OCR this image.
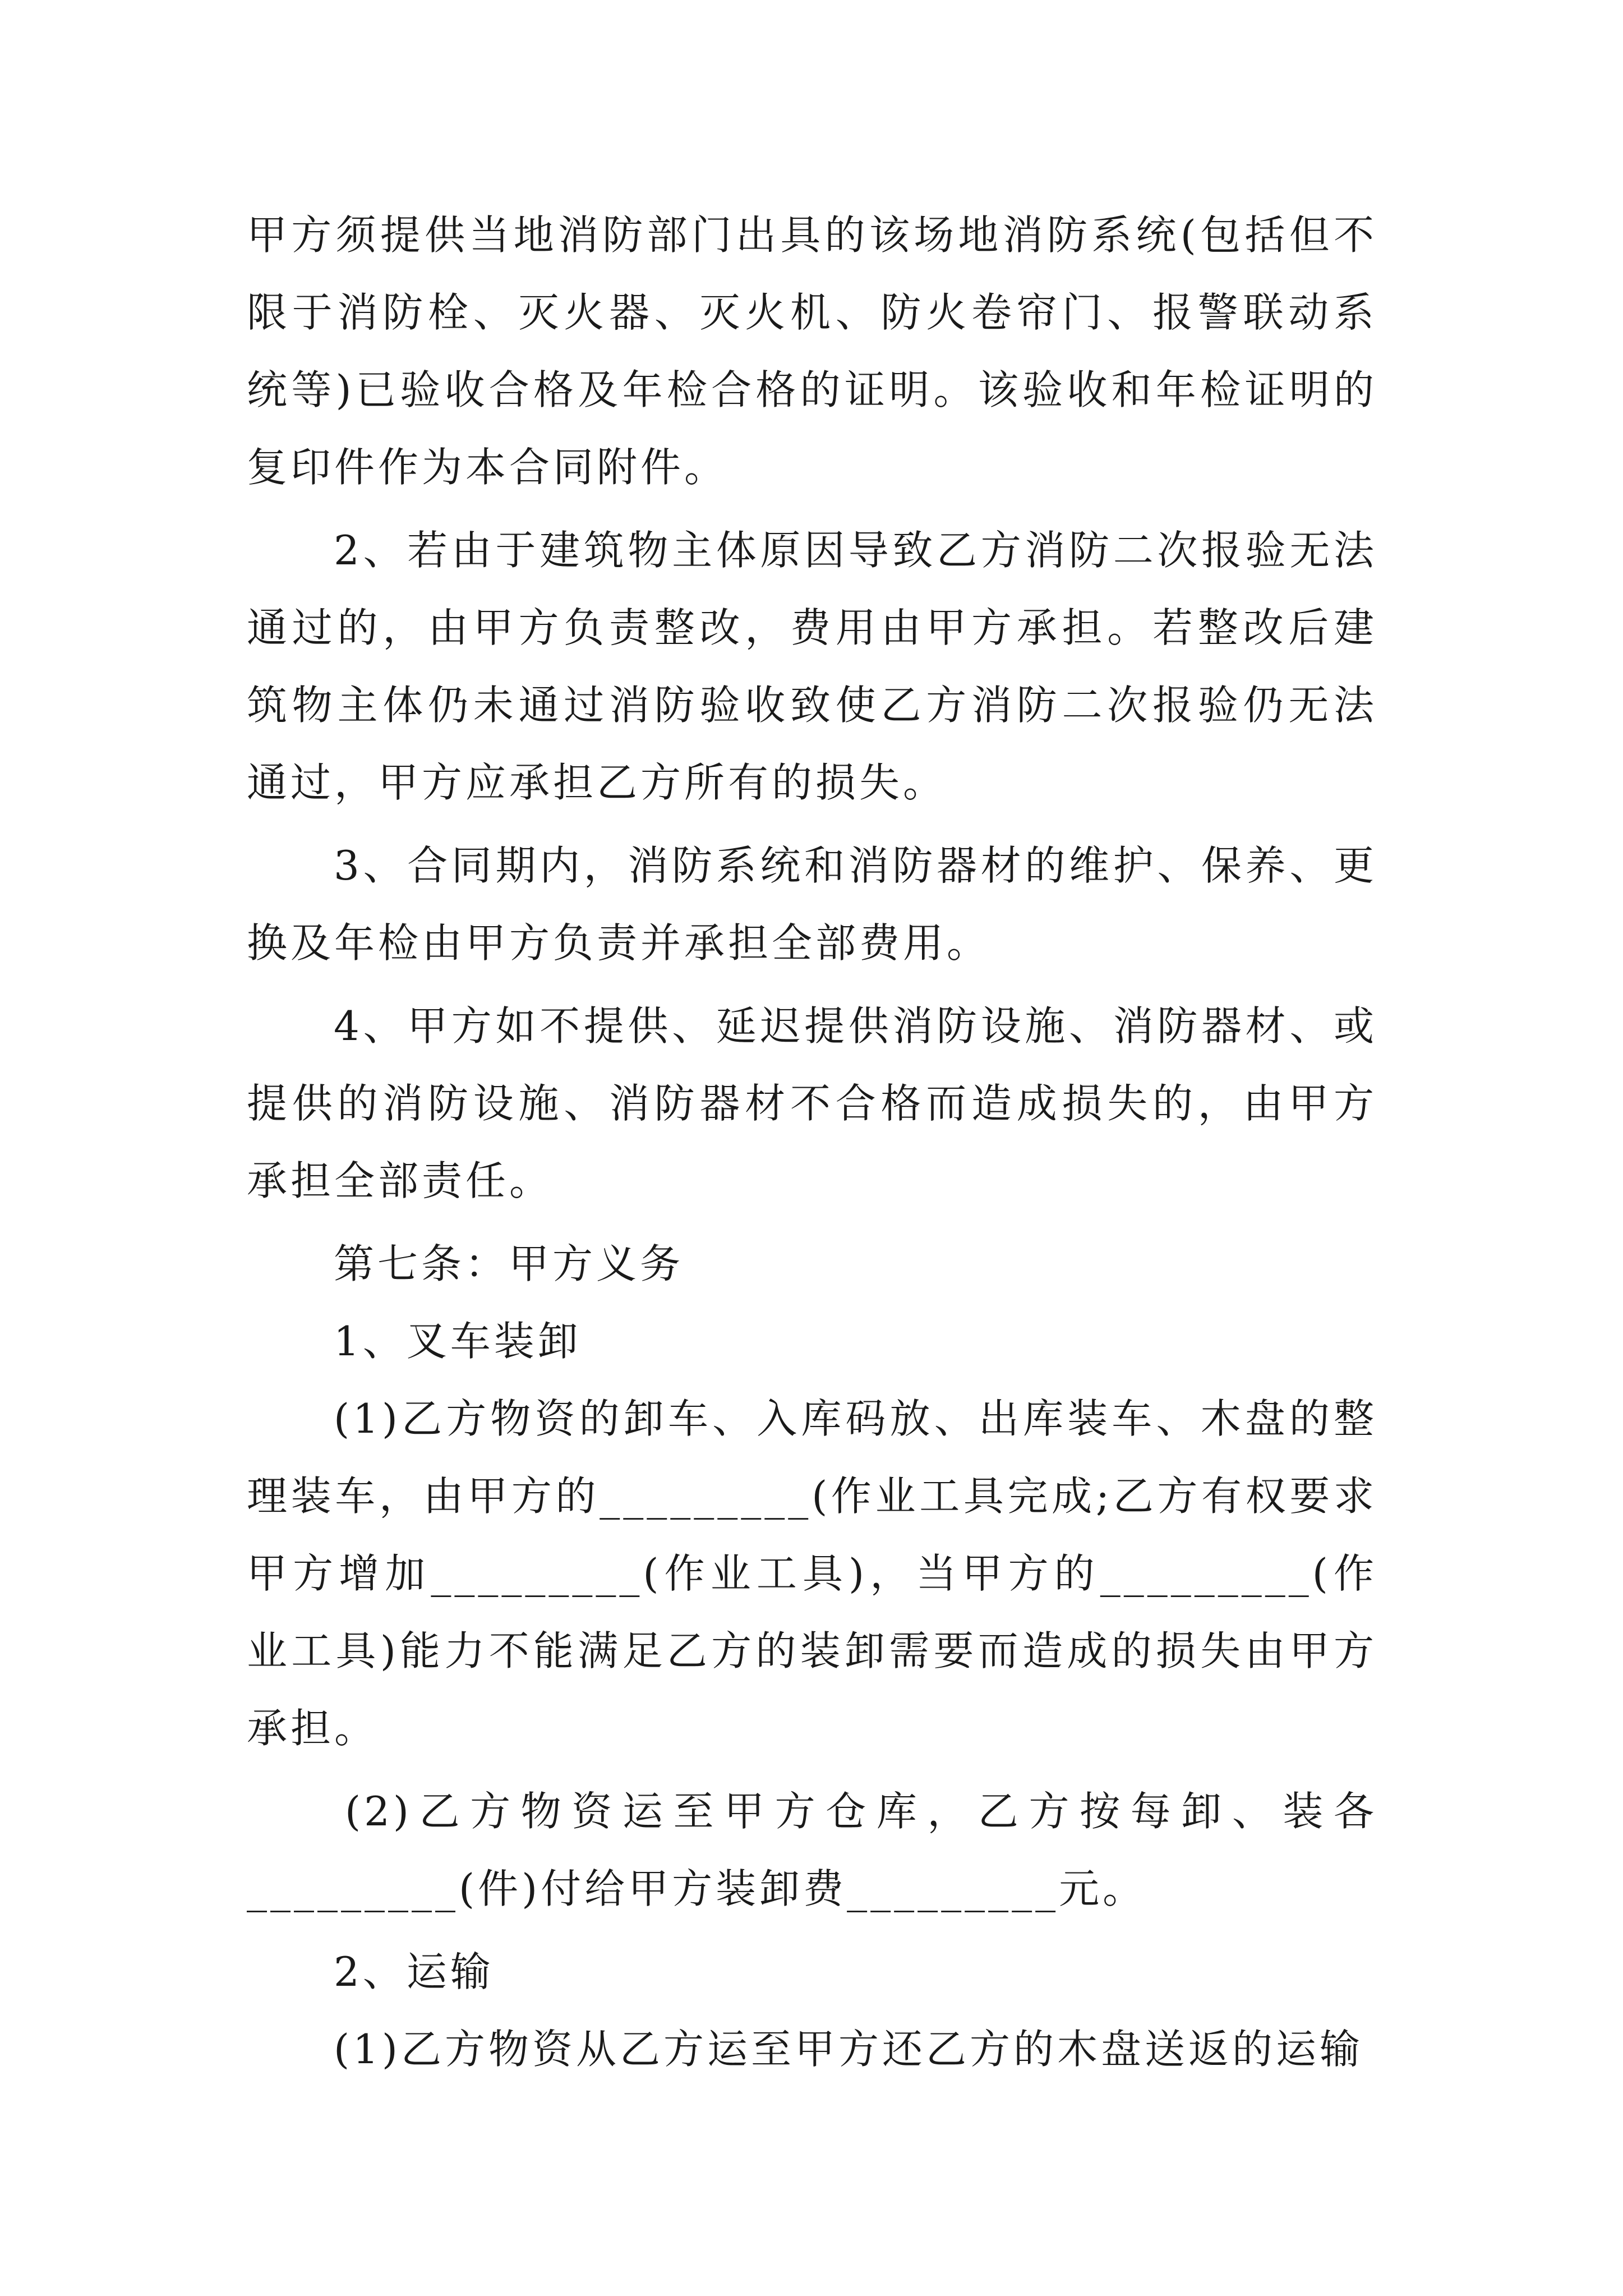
甲方须提供当地消防部门出具的该场地消防系统(包括但不限于消防栓、灭火器、灭火机、防火卷帘门、报警联动系统等)已验收合格及年检合格的证明。该验收和年检证明的复印件作为本合同附件。

2、若由于建筑物主体原因导致乙方消防二次报验无法通过的，由甲方负责整改，费用由甲方承担。若整改后建筑物主体仍未通过消防验收致使乙方消防二次报验仍无法通过，甲方应承担乙方所有的损失。

3、合同期内，消防系统和消防器材的维护、保养、更换及年检由甲方负责并承担全部费用。

4、甲方如不提供、延迟提供消防设施、消防器材、或提供的消防设施、消防器材不合格而造成损失的，由甲方承担全部责任。

第七条：甲方义务

1、叉车装卸

(1)乙方物资的卸车、入库码放、出库装车、木盘的整理装车，由甲方的_________(作业工具完成;乙方有权要求甲方增加_________(作业工具)，当甲方的_________(作业工具)能力不能满足乙方的装卸需要而造成的损失由甲方承担。

(2)乙方物资运至甲方仓库，乙方按每卸、装各_________(件)付给甲方装卸费_________元。

2、运输

(1)乙方物资从乙方运至甲方还乙方的木盘送返的运输
